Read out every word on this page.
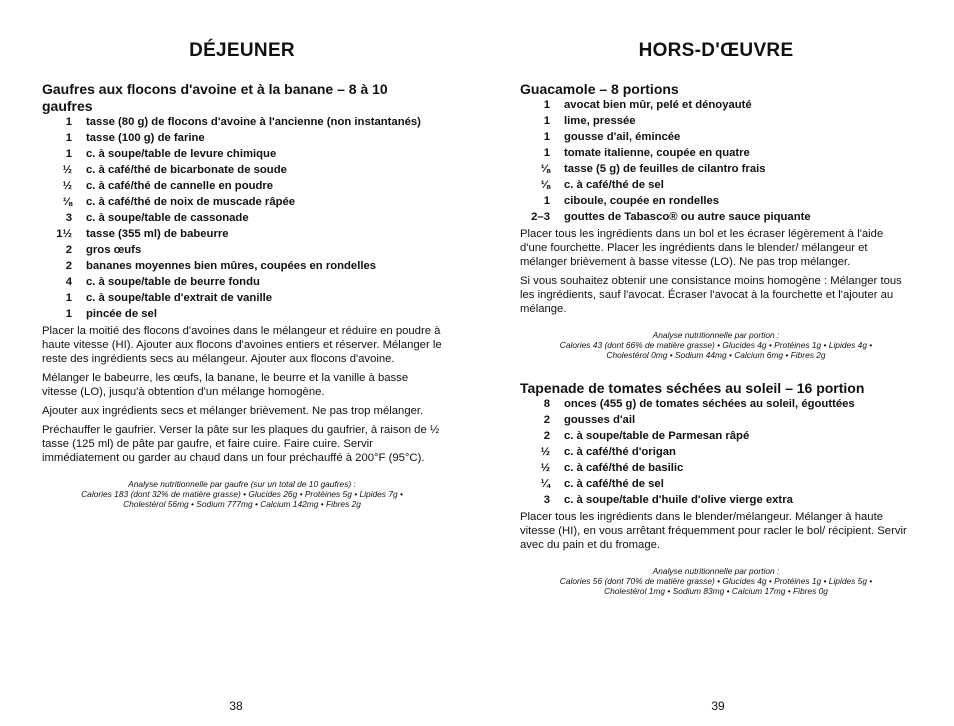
DÉJEUNER
Gaufres aux flocons d'avoine et à la banane – 8 à 10 gaufres
1	tasse (80 g) de flocons d'avoine à l'ancienne (non instantanés)
1	tasse (100 g) de farine
1	c. à soupe/table de levure chimique
½	c. à café/thé de bicarbonate de soude
½	c. à café/thé de cannelle en poudre
⅛	c. à café/thé de noix de muscade râpée
3	c. à soupe/table de cassonade
1½	tasse (355 ml) de babeurre
2	gros œufs
2	bananes moyennes bien mûres, coupées en rondelles
4	c. à soupe/table de beurre fondu
1	c. à soupe/table d'extrait de vanille
1	pincée de sel

Placer la moitié des flocons d'avoines dans le mélangeur et réduire en poudre à haute vitesse (HI). Ajouter aux flocons d'avoines entiers et réserver. Mélanger le reste des ingrédients secs au mélangeur. Ajouter aux flocons d'avoine.

Mélanger le babeurre, les œufs, la banane, le beurre et la vanille à basse vitesse (LO), jusqu'à obtention d'un mélange homogène.

Ajouter aux ingrédients secs et mélanger brièvement. Ne pas trop mélanger.

Préchauffer le gaufrier. Verser la pâte sur les plaques du gaufrier, à raison de ½ tasse (125 ml) de pâte par gaufre, et faire cuire. Faire cuire. Servir immédiatement ou garder au chaud dans un four préchauffé à 200°F (95°C).

Analyse nutritionnelle par gaufre (sur un total de 10 gaufres) :
Calories 183 (dont 32% de matière grasse) • Glucides 26g • Protéines 5g • Lipides 7g •
Cholestérol 56mg • Sodium 777mg • Calcium 142mg • Fibres 2g
38
HORS-D'ŒUVRE
Guacamole – 8 portions
1	avocat bien mûr, pelé et dénoyauté
1	lime, pressée
1	gousse d'ail, émincée
1	tomate italienne, coupée en quatre
⅛	tasse (5 g) de feuilles de cilantro frais
⅛	c. à café/thé de sel
1	ciboule, coupée en rondelles
2–3	gouttes de Tabasco® ou autre sauce piquante

Placer tous les ingrédients dans un bol et les écraser légèrement à l'aide d'une fourchette. Placer les ingrédients dans le blender/ mélangeur et mélanger brièvement à basse vitesse (LO). Ne pas trop mélanger.

Si vous souhaitez obtenir une consistance moins homogène : Mélanger tous les ingrédients, sauf l'avocat. Écraser l'avocat à la fourchette et l'ajouter au mélange.

Analyse nutritionnelle par portion :
Calories 43 (dont 66% de matière grasse) • Glucides 4g • Protéines 1g • Lipides 4g •
Cholestérol 0mg • Sodium 44mg • Calcium 6mg • Fibres 2g
Tapenade de tomates séchées au soleil – 16 portion
8	onces (455 g) de tomates séchées au soleil, égouttées
2	gousses d'ail
2	c. à soupe/table de Parmesan râpé
½	c. à café/thé d'origan
½	c. à café/thé de basilic
¼	c. à café/thé de sel
3	c. à soupe/table d'huile d'olive vierge extra

Placer tous les ingrédients dans le blender/mélangeur. Mélanger à haute vitesse (HI), en vous arrêtant fréquemment pour racler le bol/ récipient. Servir avec du pain et du fromage.

Analyse nutritionnelle par portion :
Calories 56 (dont 70% de matière grasse) • Glucides 4g • Protéines 1g • Lipides 5g •
Cholestérol 1mg • Sodium 83mg • Calcium 17mg • Fibres 0g
39
